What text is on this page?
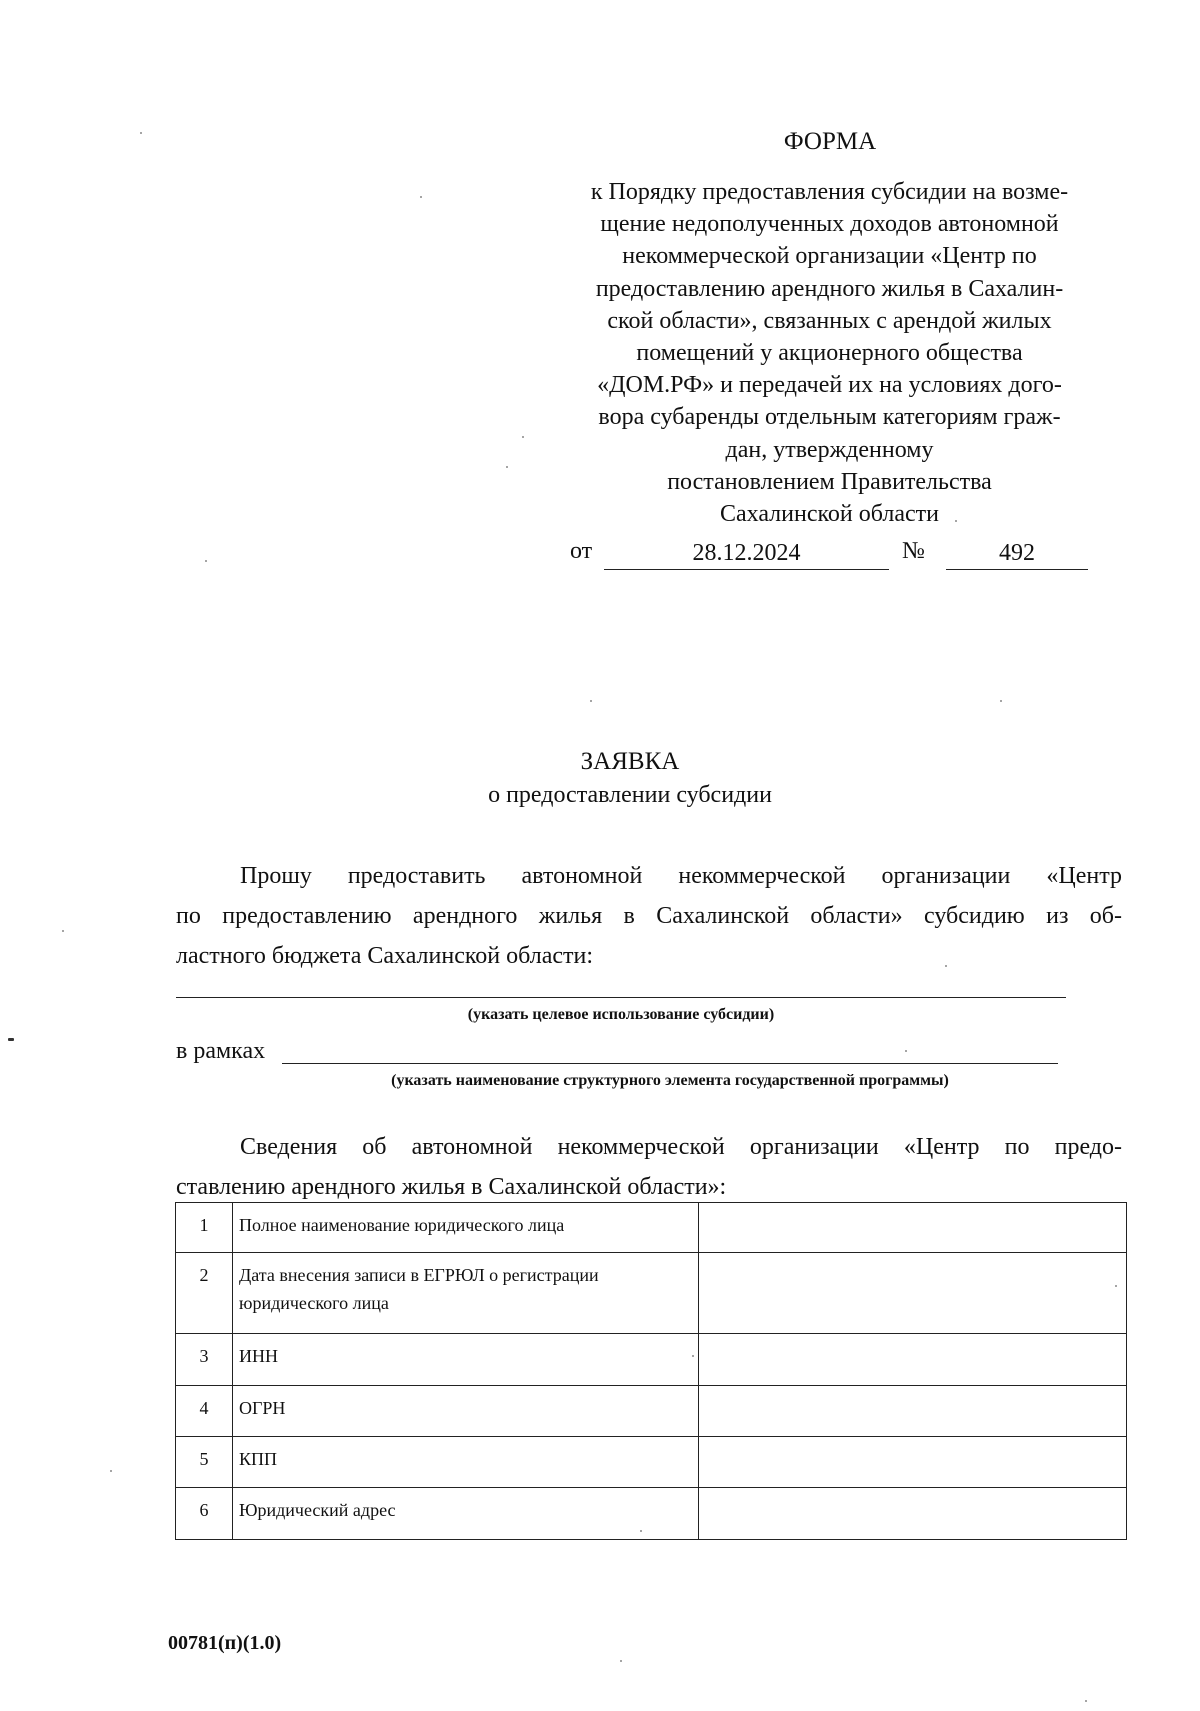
ФОРМА
к Порядку предоставления субсидии на возме-
щение недополученных доходов автономной
некоммерческой организации «Центр по
предоставлению арендного жилья в Сахалин-
ской области», связанных с арендой жилых
помещений у акционерного общества
«ДОМ.РФ» и передачей их на условиях дого-
вора субаренды отдельным категориям граж-
дан, утвержденному
постановлением Правительства
Сахалинской области
от	28.12.2024	№	492
ЗАЯВКА
о предоставлении субсидии
Прошу предоставить автономной некоммерческой организации «Центр
по предоставлению арендного жилья в Сахалинской области» субсидию из об-
ластного бюджета Сахалинской области:
(указать целевое использование субсидии)
в рамках
(указать наименование структурного элемента государственной программы)
Сведения об автономной некоммерческой организации «Центр по предо-
ставлению арендного жилья в Сахалинской области»:
1	Полное наименование юридического лица	
2	Дата внесения записи в ЕГРЮЛ о регистрации юридического лица	
3	ИНН	
4	ОГРН	
5	КПП	
6	Юридический адрес	
00781(п)(1.0)
